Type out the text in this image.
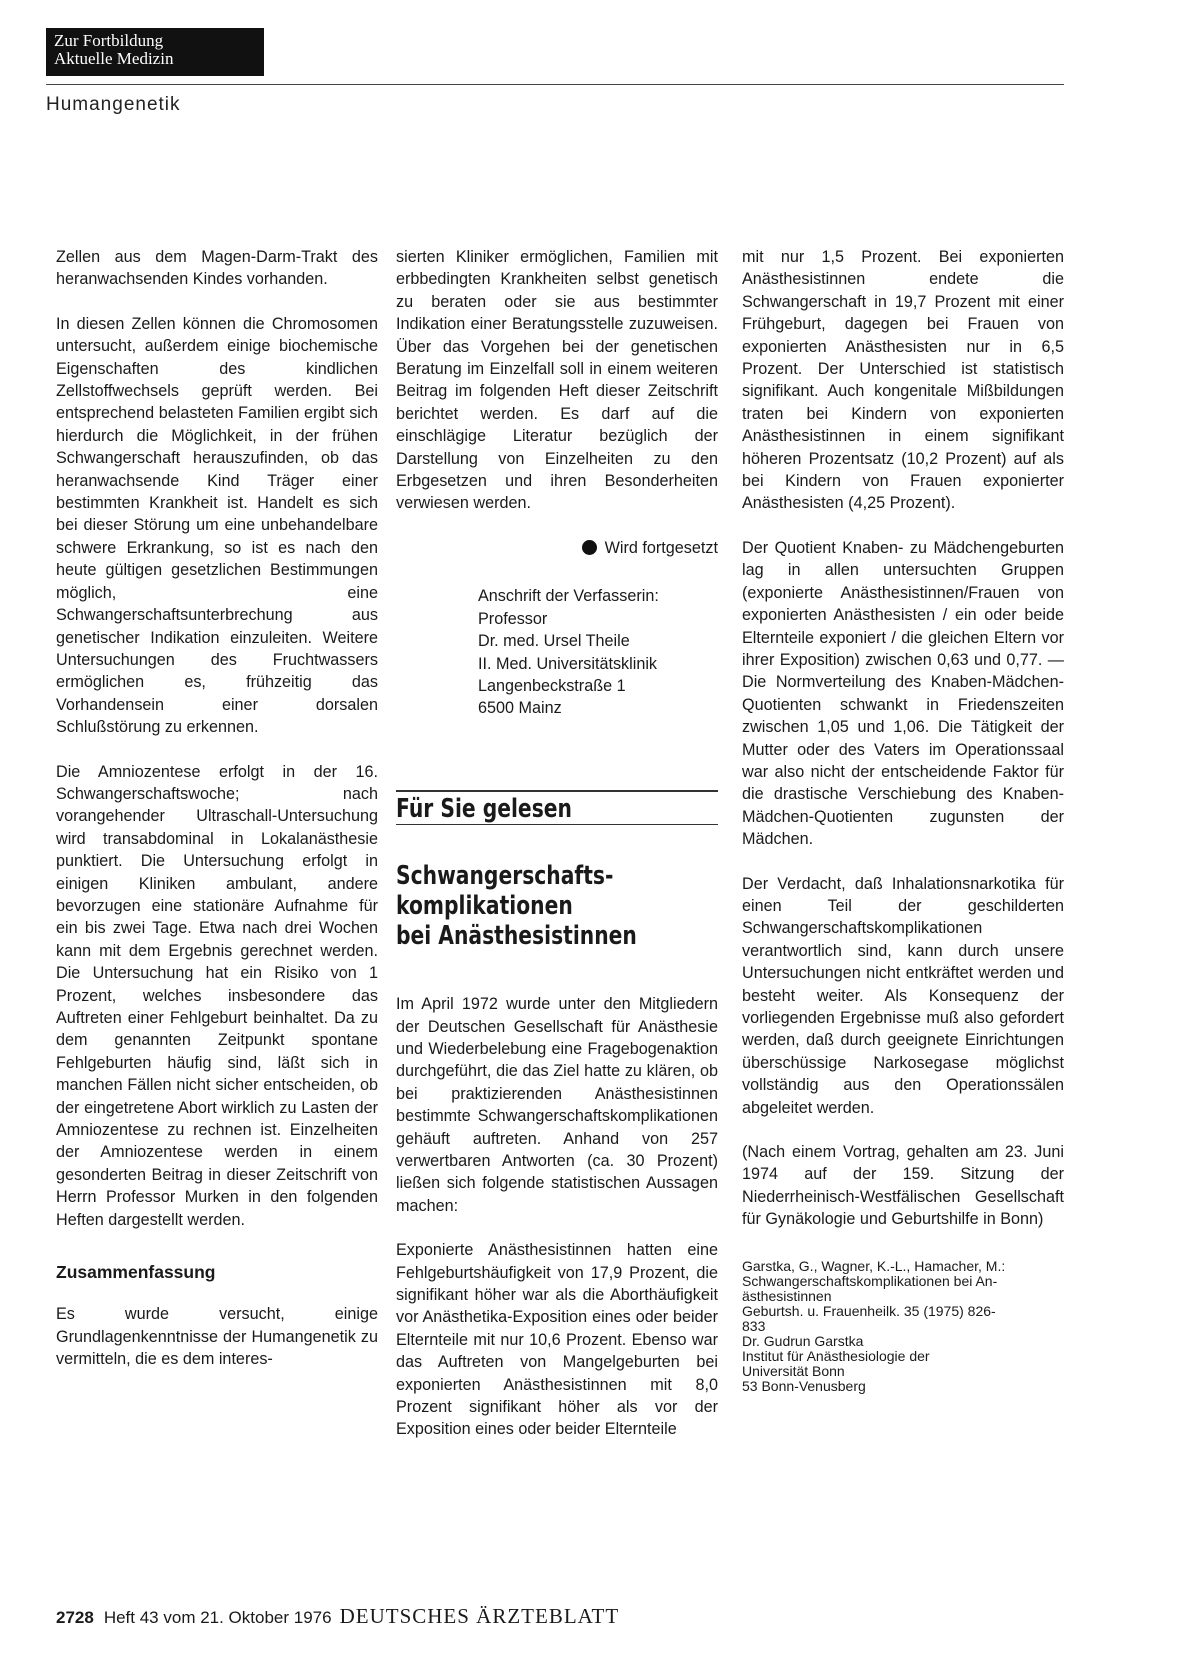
Zur Fortbildung
Aktuelle Medizin
Humangenetik

Zellen aus dem Magen-Darm-Trakt des heranwachsenden Kindes vorhanden.

In diesen Zellen können die Chromosomen untersucht, außerdem einige biochemische Eigenschaften des kindlichen Zellstoffwechsels geprüft werden. Bei entsprechend belasteten Familien ergibt sich hierdurch die Möglichkeit, in der frühen Schwangerschaft herauszufinden, ob das heranwachsende Kind Träger einer bestimmten Krankheit ist. Handelt es sich bei dieser Störung um eine unbehandelbare schwere Erkrankung, so ist es nach den heute gültigen gesetzlichen Bestimmungen möglich, eine Schwangerschaftsunterbrechung aus genetischer Indikation einzuleiten. Weitere Untersuchungen des Fruchtwassers ermöglichen es, frühzeitig das Vorhandensein einer dorsalen Schlußstörung zu erkennen.

Die Amniozentese erfolgt in der 16. Schwangerschaftswoche; nach vorangehender Ultraschall-Untersuchung wird transabdominal in Lokalanästhesie punktiert. Die Untersuchung erfolgt in einigen Kliniken ambulant, andere bevorzugen eine stationäre Aufnahme für ein bis zwei Tage. Etwa nach drei Wochen kann mit dem Ergebnis gerechnet werden. Die Untersuchung hat ein Risiko von 1 Prozent, welches insbesondere das Auftreten einer Fehlgeburt beinhaltet. Da zu dem genannten Zeitpunkt spontane Fehlgeburten häufig sind, läßt sich in manchen Fällen nicht sicher entscheiden, ob der eingetretene Abort wirklich zu Lasten der Amniozentese zu rechnen ist. Einzelheiten der Amniozentese werden in einem gesonderten Beitrag in dieser Zeitschrift von Herrn Professor Murken in den folgenden Heften dargestellt werden.

Zusammenfassung

Es wurde versucht, einige Grundlagenkenntnisse der Humangenetik zu vermitteln, die es dem interes-

sierten Kliniker ermöglichen, Familien mit erbbedingten Krankheiten selbst genetisch zu beraten oder sie aus bestimmter Indikation einer Beratungsstelle zuzuweisen. Über das Vorgehen bei der genetischen Beratung im Einzelfall soll in einem weiteren Beitrag im folgenden Heft dieser Zeitschrift berichtet werden. Es darf auf die einschlägige Literatur bezüglich der Darstellung von Einzelheiten zu den Erbgesetzen und ihren Besonderheiten verwiesen werden.

Wird fortgesetzt
Anschrift der Verfasserin:
Professor
Dr. med. Ursel Theile
II. Med. Universitätsklinik
Langenbeckstraße 1
6500 Mainz
Für Sie gelesen
Schwangerschafts-
komplikationen
bei Anästhesistinnen

Im April 1972 wurde unter den Mitgliedern der Deutschen Gesellschaft für Anästhesie und Wiederbelebung eine Fragebogenaktion durchgeführt, die das Ziel hatte zu klären, ob bei praktizierenden Anästhesistinnen bestimmte Schwangerschaftskomplikationen gehäuft auftreten. Anhand von 257 verwertbaren Antworten (ca. 30 Prozent) ließen sich folgende statistischen Aussagen machen:

Exponierte Anästhesistinnen hatten eine Fehlgeburtshäufigkeit von 17,9 Prozent, die signifikant höher war als die Aborthäufigkeit vor Anästhetika-Exposition eines oder beider Elternteile mit nur 10,6 Prozent. Ebenso war das Auftreten von Mangelgeburten bei exponierten Anästhesistinnen mit 8,0 Prozent signifikant höher als vor der Exposition eines oder beider Elternteile

mit nur 1,5 Prozent. Bei exponierten Anästhesistinnen endete die Schwangerschaft in 19,7 Prozent mit einer Frühgeburt, dagegen bei Frauen von exponierten Anästhesisten nur in 6,5 Prozent. Der Unterschied ist statistisch signifikant. Auch kongenitale Mißbildungen traten bei Kindern von exponierten Anästhesistinnen in einem signifikant höheren Prozentsatz (10,2 Prozent) auf als bei Kindern von Frauen exponierter Anästhesisten (4,25 Prozent).

Der Quotient Knaben- zu Mädchengeburten lag in allen untersuchten Gruppen (exponierte Anästhesistinnen/Frauen von exponierten Anästhesisten / ein oder beide Elternteile exponiert / die gleichen Eltern vor ihrer Exposition) zwischen 0,63 und 0,77. — Die Normverteilung des Knaben-Mädchen-Quotienten schwankt in Friedenszeiten zwischen 1,05 und 1,06. Die Tätigkeit der Mutter oder des Vaters im Operationssaal war also nicht der entscheidende Faktor für die drastische Verschiebung des Knaben-Mädchen-Quotienten zugunsten der Mädchen.

Der Verdacht, daß Inhalationsnarkotika für einen Teil der geschilderten Schwangerschaftskomplikationen verantwortlich sind, kann durch unsere Untersuchungen nicht entkräftet werden und besteht weiter. Als Konsequenz der vorliegenden Ergebnisse muß also gefordert werden, daß durch geeignete Einrichtungen überschüssige Narkosegase möglichst vollständig aus den Operationssälen abgeleitet werden.

(Nach einem Vortrag, gehalten am 23. Juni 1974 auf der 159. Sitzung der Niederrheinisch-Westfälischen Gesellschaft für Gynäkologie und Geburtshilfe in Bonn)

Garstka, G., Wagner, K.-L., Hamacher, M.:
Schwangerschaftskomplikationen bei An-
ästhesistinnen
Geburtsh. u. Frauenheilk. 35 (1975) 826-
833
Dr. Gudrun Garstka
Institut für Anästhesiologie der
Universität Bonn
53 Bonn-Venusberg
2728 Heft 43 vom 21. Oktober 1976 DEUTSCHES ÄRZTEBLATT
